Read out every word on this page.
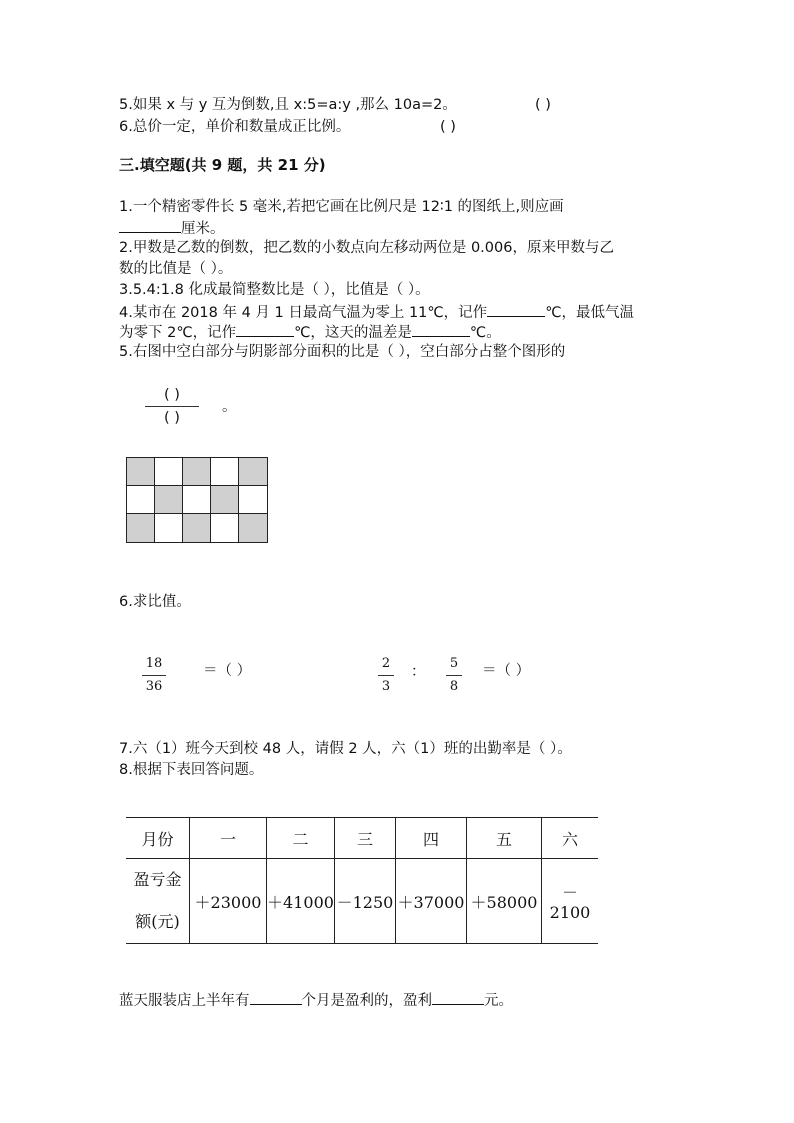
5.如果 x 与 y 互为倒数,且 x:5=a:y ,那么 10a=2。	( )
6.总价一定，单价和数量成正比例。	( )
三.填空题(共 9 题，共 21 分)
1.一个精密零件长 5 毫米,若把它画在比例尺是 12∶1 的图纸上,则应画
厘米。
2.甲数是乙数的倒数，把乙数的小数点向左移动两位是 0.006，原来甲数与乙
数的比值是（ ）。
3.5.4:1.8 化成最简整数比是（ ），比值是（ ）。
4.某市在 2018 年 4 月 1 日最高气温为零上 11℃，记作	℃，最低气温
为零下 2℃，记作	℃，这天的温差是	℃。
5.右图中空白部分与阴影部分面积的比是（ ），空白部分占整个图形的
( )
( )
。
6.求比值。
18
36
＝（ ）	2
3
：
5
8
＝（ ）
7.六（1）班今天到校 48 人，请假 2 人，六（1）班的出勤率是（ ）。
8.根据下表回答问题。
月份	一	二	三	四	五	六

盈亏金
额(元)	＋23000	＋41000	－1250	＋37000	＋58000	－2100
蓝天服装店上半年有	个月是盈利的，盈利	元。
